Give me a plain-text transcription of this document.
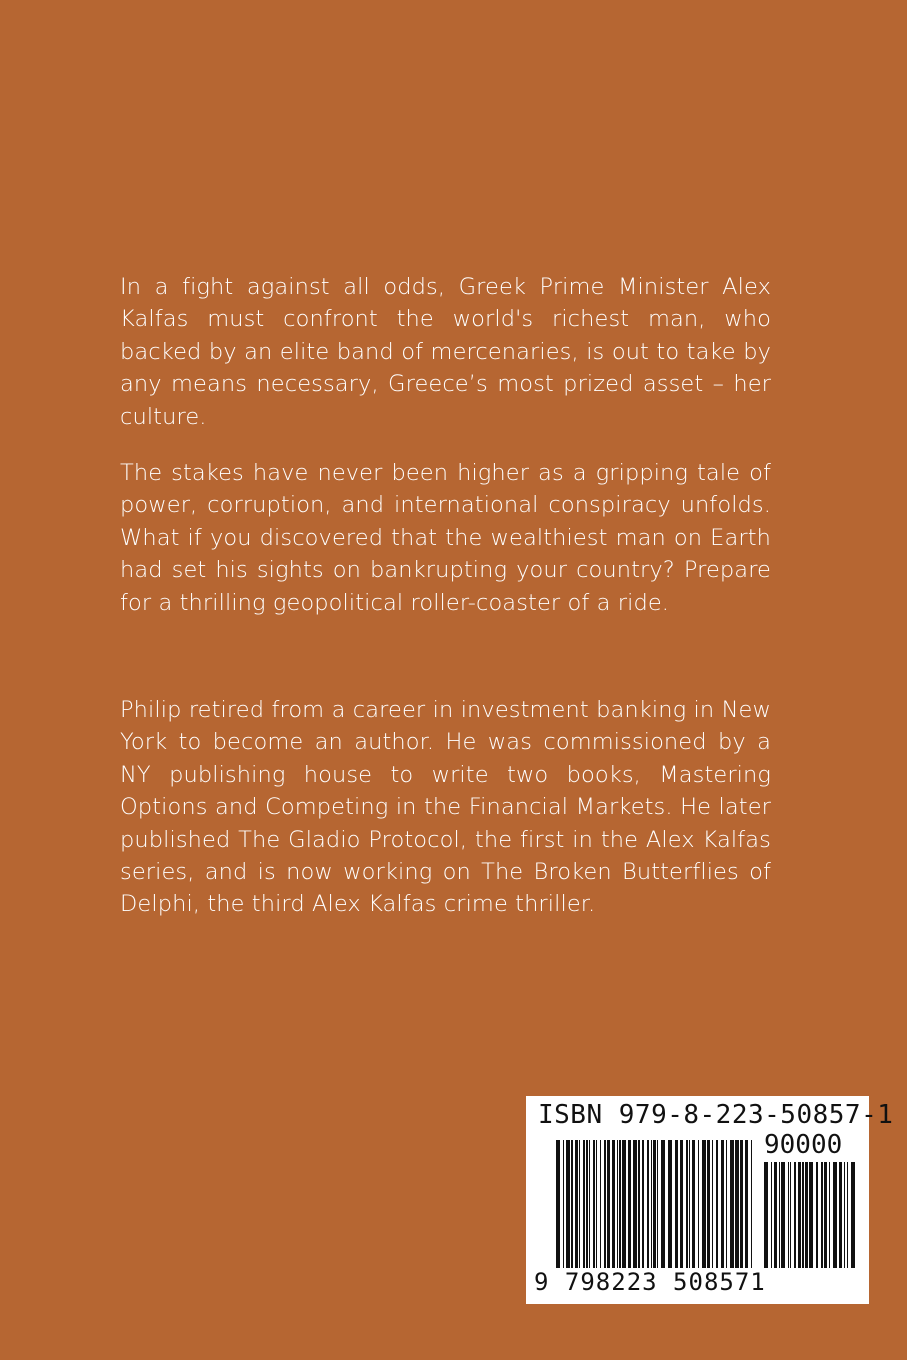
In a fight against all odds, Greek Prime Minister Alex Kalfas must confront the world's richest man, who backed by an elite band of mercenaries, is out to take by any means necessary, Greece’s most prized asset – her culture.

The stakes have never been higher as a gripping tale of power, corruption, and international conspiracy unfolds. What if you discovered that the wealthiest man on Earth had set his sights on bankrupting your country? Prepare for a thrilling geopolitical roller-coaster of a ride.

Philip retired from a career in investment banking in New York to become an author. He was commissioned by a NY publishing house to write two books, Mastering Options and Competing in the Financial Markets. He later published The Gladio Protocol, the first in the Alex Kalfas series, and is now working on The Broken Butterflies of Delphi, the third Alex Kalfas crime thriller.

ISBN 979-8-223-50857-1
90000
9 798223 508571
